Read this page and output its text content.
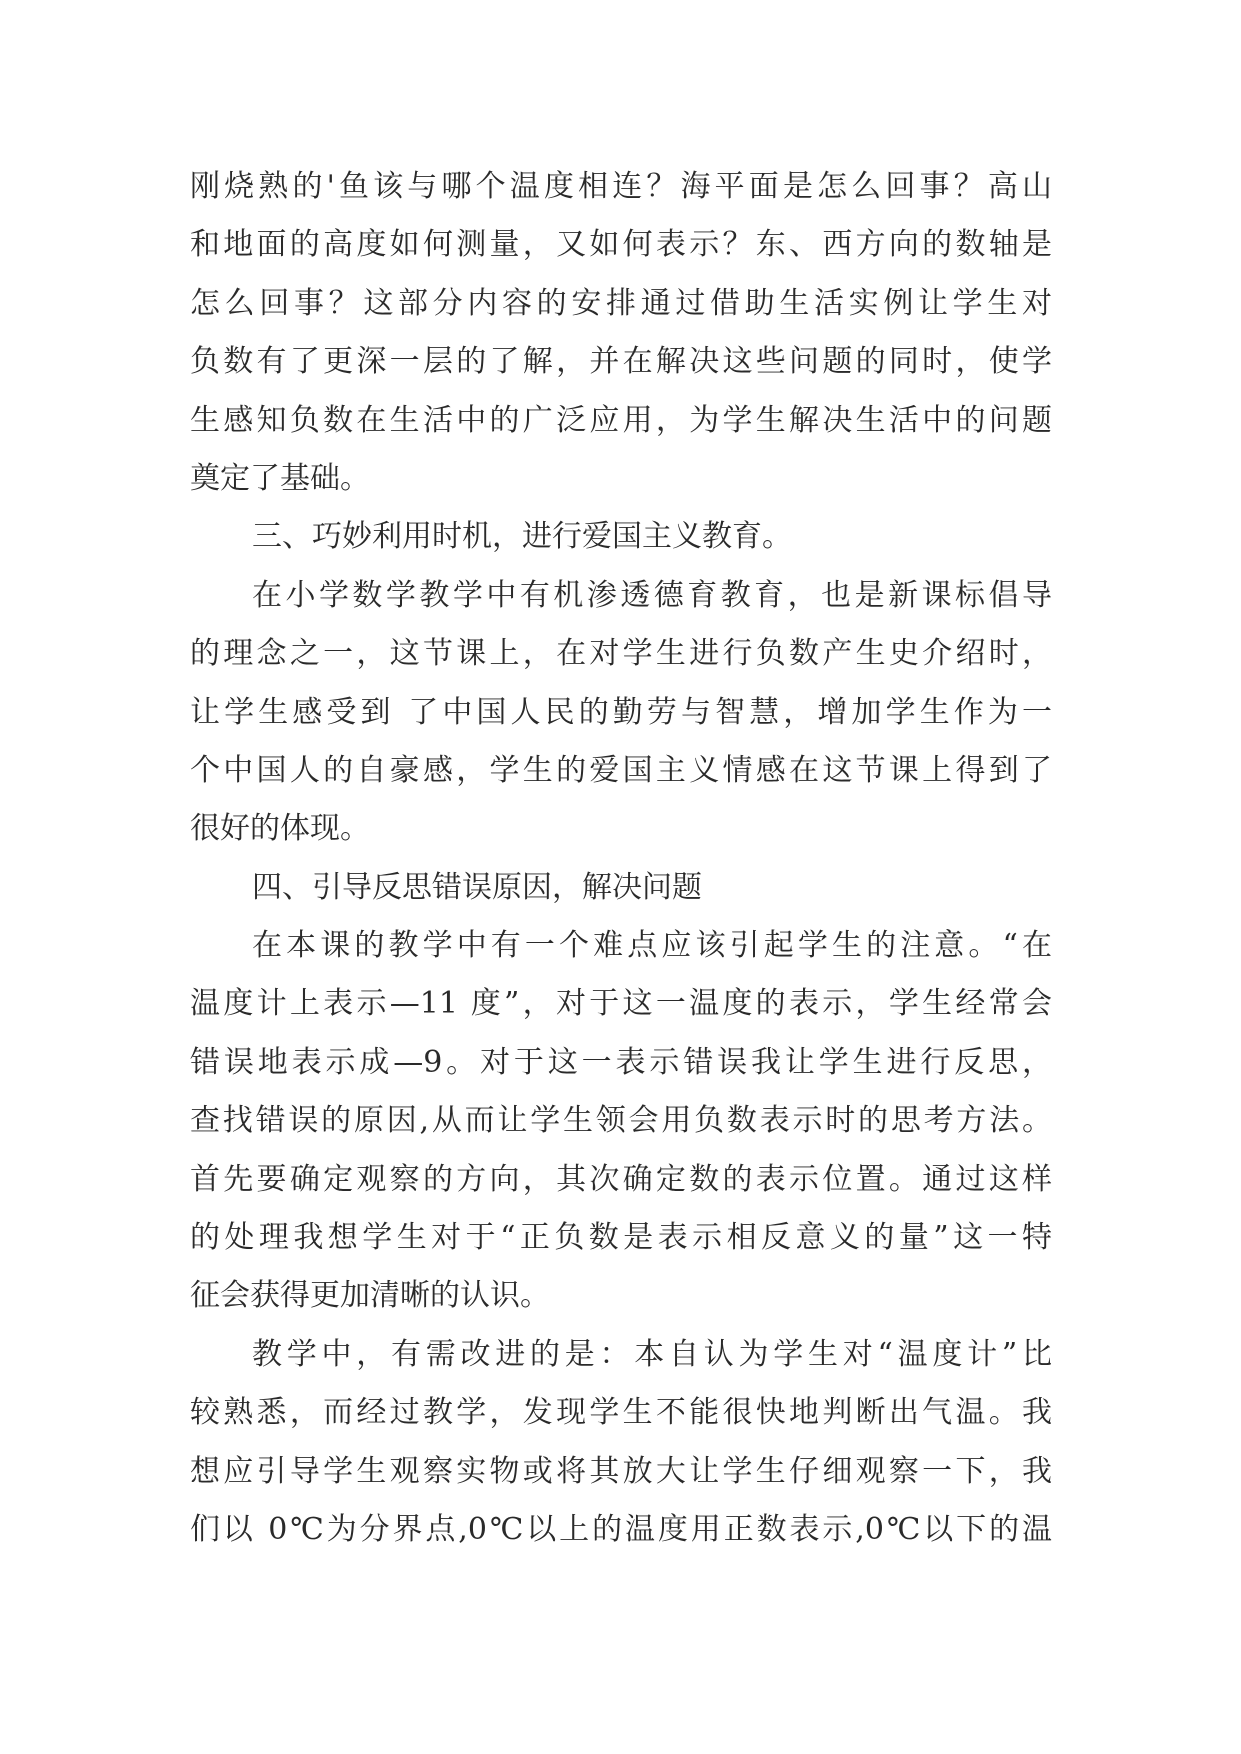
刚烧熟的'鱼该与哪个温度相连？海平面是怎么回事？高山
和地面的高度如何测量，又如何表示？东、西方向的数轴是
怎么回事？这部分内容的安排通过借助生活实例让学生对
负数有了更深一层的了解，并在解决这些问题的同时，使学
生感知负数在生活中的广泛应用，为学生解决生活中的问题
奠定了基础。
三、巧妙利用时机，进行爱国主义教育。
在小学数学教学中有机渗透德育教育，也是新课标倡导
的理念之一，这节课上，在对学生进行负数产生史介绍时，
让学生感受到 了中国人民的勤劳与智慧，增加学生作为一
个中国人的自豪感，学生的爱国主义情感在这节课上得到了
很好的体现。
四、引导反思错误原因，解决问题
在本课的教学中有一个难点应该引起学生的注意。“在
温度计上表示—11 度”，对于这一温度的表示，学生经常会
错误地表示成—9。对于这一表示错误我让学生进行反思，
查找错误的原因,从而让学生领会用负数表示时的思考方法。
首先要确定观察的方向，其次确定数的表示位置。通过这样
的处理我想学生对于“正负数是表示相反意义的量”这一特
征会获得更加清晰的认识。
教学中，有需改进的是：本自认为学生对“温度计”比
较熟悉，而经过教学，发现学生不能很快地判断出气温。我
想应引导学生观察实物或将其放大让学生仔细观察一下，我
们以 0℃为分界点,0℃以上的温度用正数表示,0℃以下的温
